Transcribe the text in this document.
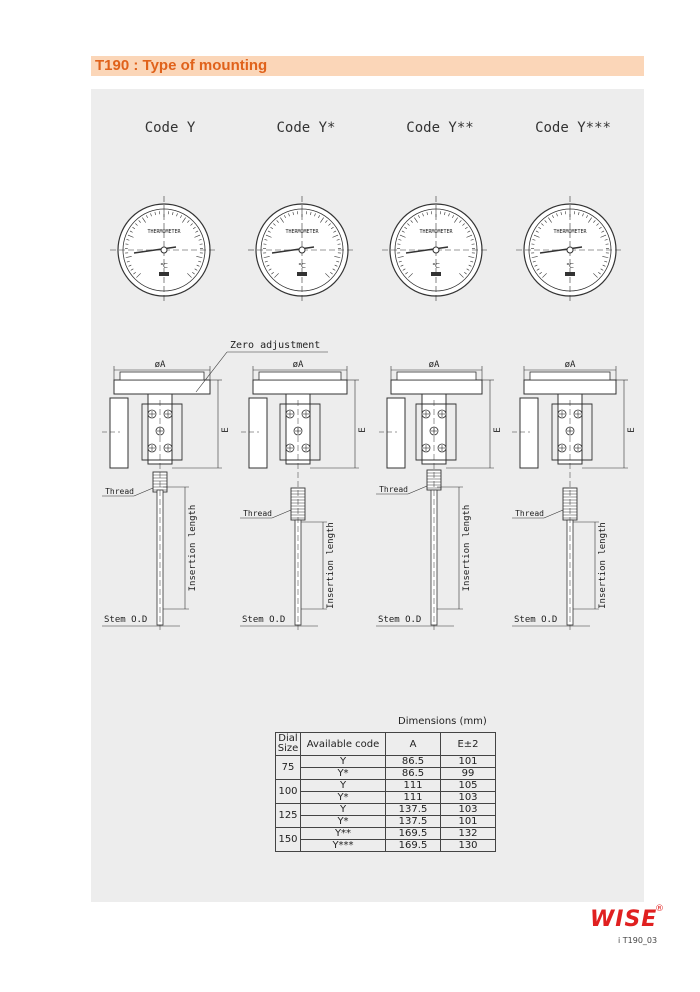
T190 : Type of mounting
Code Y	Code Y*	Code Y**	Code Y***
THERMOMETER
℃
THERMOMETER
℃
THERMOMETER
℃
THERMOMETER
℃
øA
E
Thread
Insertion length
Stem O.D
øA
E
Thread
Insertion length
Stem O.D
øA
E
Thread
Insertion length
Stem O.D
øA
E
Thread
Insertion length
Stem O.D
Zero adjustment
Dimensions (mm)
Dial Size	Available code	A	E±2
75	Y	86.5	101
	Y*	86.5	99
100	Y	111	105
	Y*	111	103
125	Y	137.5	103
	Y*	137.5	101
150	Y**	169.5	132
	Y***	169.5	130
WISE
®
i T190_03
